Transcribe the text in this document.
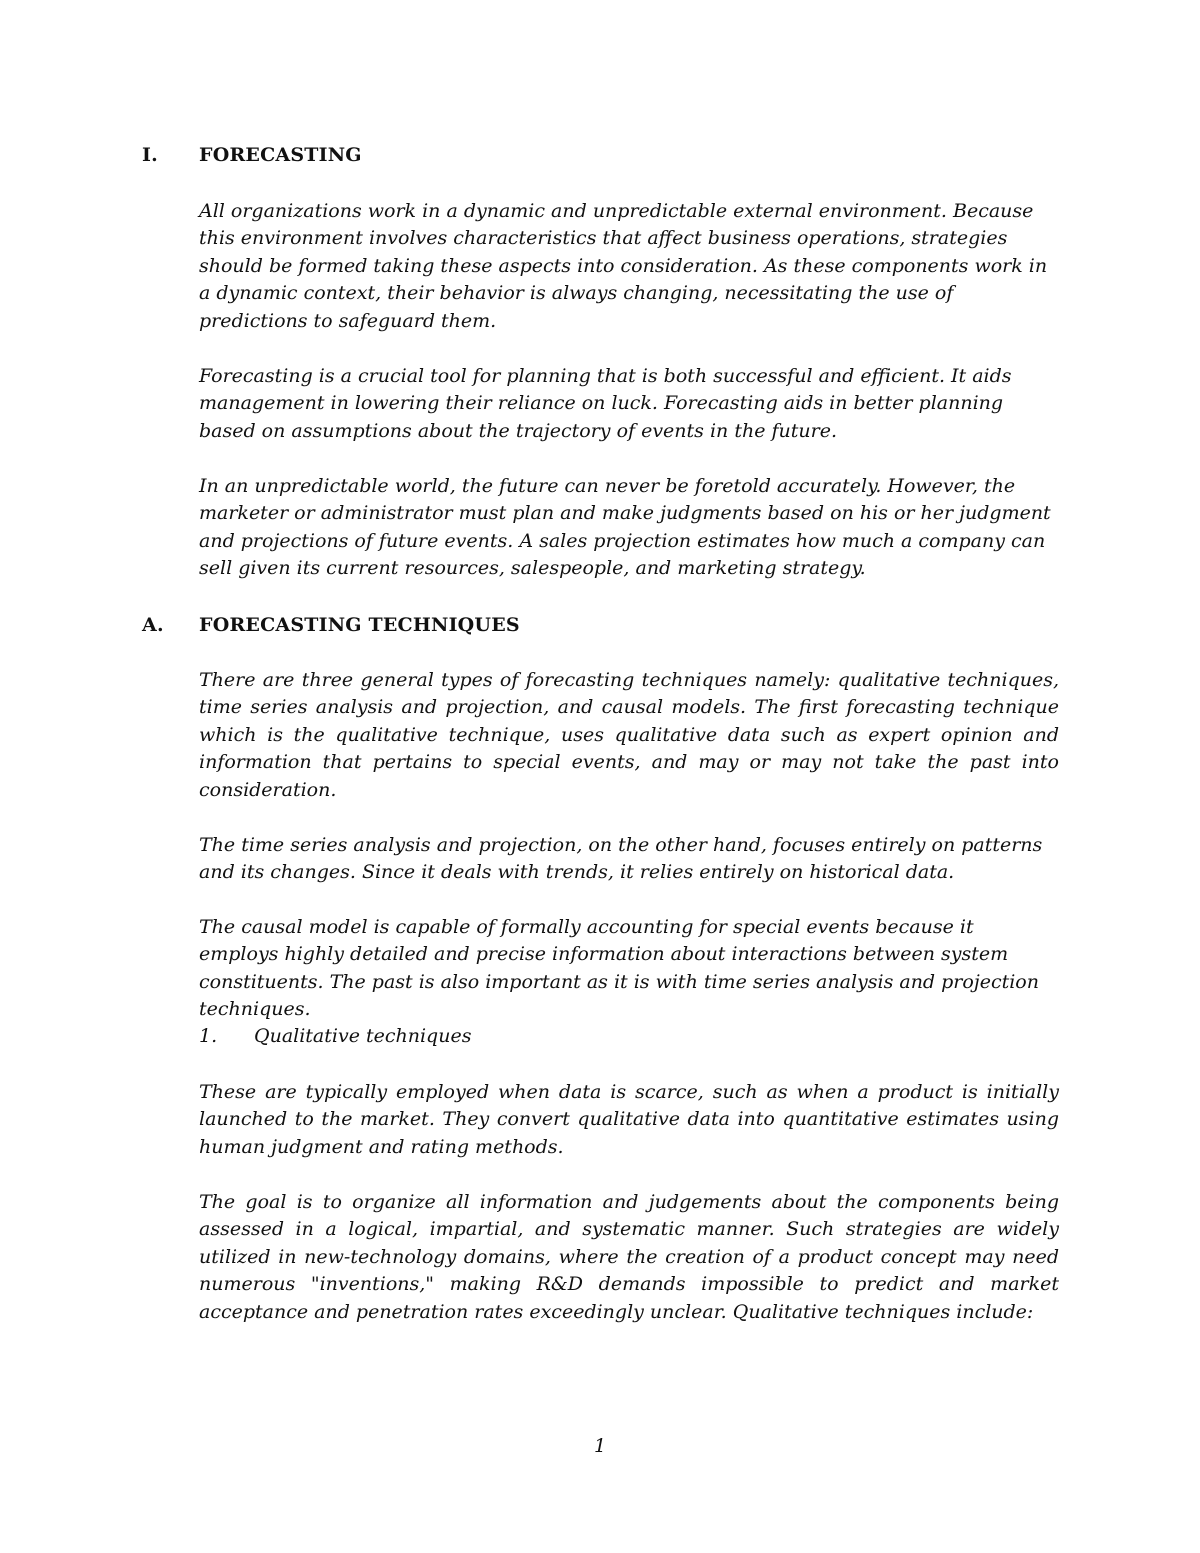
I.	FORECASTING

All organizations work in a dynamic and unpredictable external environment. Because this environment involves characteristics that affect business operations, strategies should be formed taking these aspects into consideration. As these components work in a dynamic context, their behavior is always changing, necessitating the use of predictions to safeguard them.

Forecasting is a crucial tool for planning that is both successful and efficient. It aids management in lowering their reliance on luck. Forecasting aids in better planning based on assumptions about the trajectory of events in the future.

In an unpredictable world, the future can never be foretold accurately. However, the marketer or administrator must plan and make judgments based on his or her judgment and projections of future events. A sales projection estimates how much a company can sell given its current resources, salespeople, and marketing strategy.

A.	FORECASTING TECHNIQUES

There are three general types of forecasting techniques namely: qualitative techniques, time series analysis and projection, and causal models. The first forecasting technique which is the qualitative technique, uses qualitative data such as expert opinion and information that pertains to special events, and may or may not take the past into consideration.

The time series analysis and projection, on the other hand, focuses entirely on patterns and its changes. Since it deals with trends, it relies entirely on historical data.

The causal model is capable of formally accounting for special events because it employs highly detailed and precise information about interactions between system constituents. The past is also important as it is with time series analysis and projection techniques.

1.	Qualitative techniques

These are typically employed when data is scarce, such as when a product is initially launched to the market. They convert qualitative data into quantitative estimates using human judgment and rating methods.

The goal is to organize all information and judgements about the components being assessed in a logical, impartial, and systematic manner. Such strategies are widely utilized in new-technology domains, where the creation of a product concept may need numerous "inventions," making R&D demands impossible to predict and market acceptance and penetration rates exceedingly unclear. Qualitative techniques include:

1
